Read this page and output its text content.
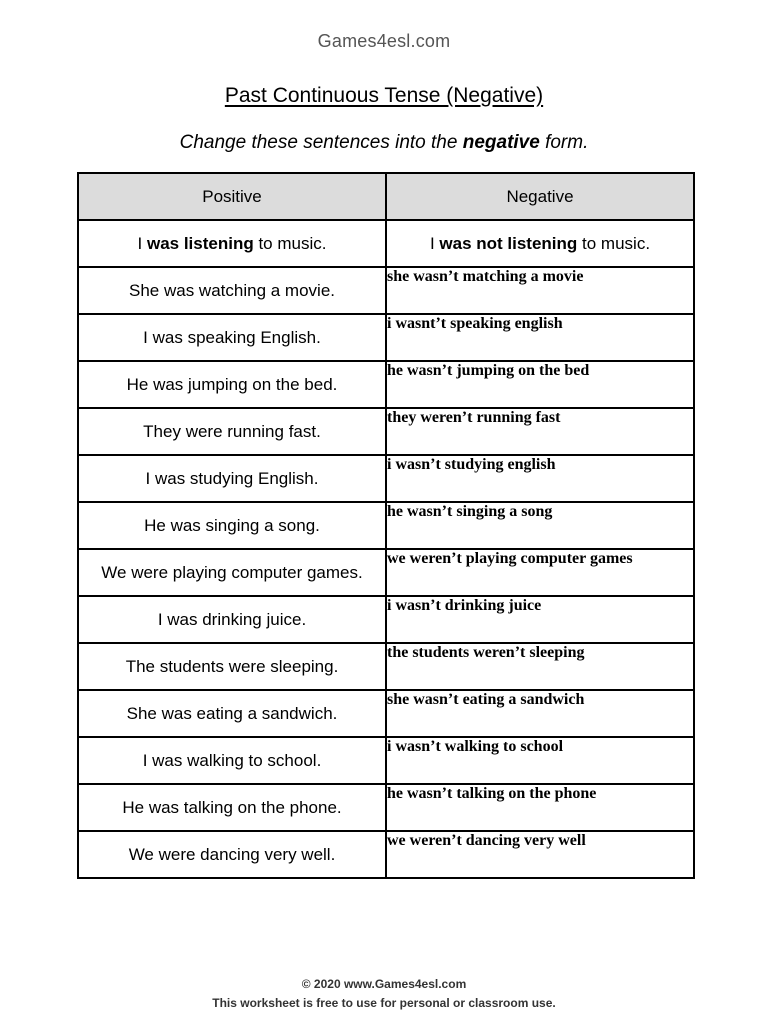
Games4esl.com
Past Continuous Tense (Negative)
Change these sentences into the negative form.
Positive	Negative
I was listening to music.	I was not listening to music.
She was watching a movie.	she wasn’t matching a movie
I was speaking English.	i wasnt’t speaking english
He was jumping on the bed.	he wasn’t jumping on the bed
They were running fast.	they weren’t running fast
I was studying English.	i wasn’t studying english
He was singing a song.	he wasn’t singing a song
We were playing computer games.	we weren’t playing computer games
I was drinking juice.	i wasn’t drinking juice
The students were sleeping.	the students weren’t sleeping
She was eating a sandwich.	she wasn’t eating a sandwich
I was walking to school.	i wasn’t walking to school
He was talking on the phone.	he wasn’t talking on the phone
We were dancing very well.	we weren’t dancing very well
© 2020 www.Games4esl.com
This worksheet is free to use for personal or classroom use.
